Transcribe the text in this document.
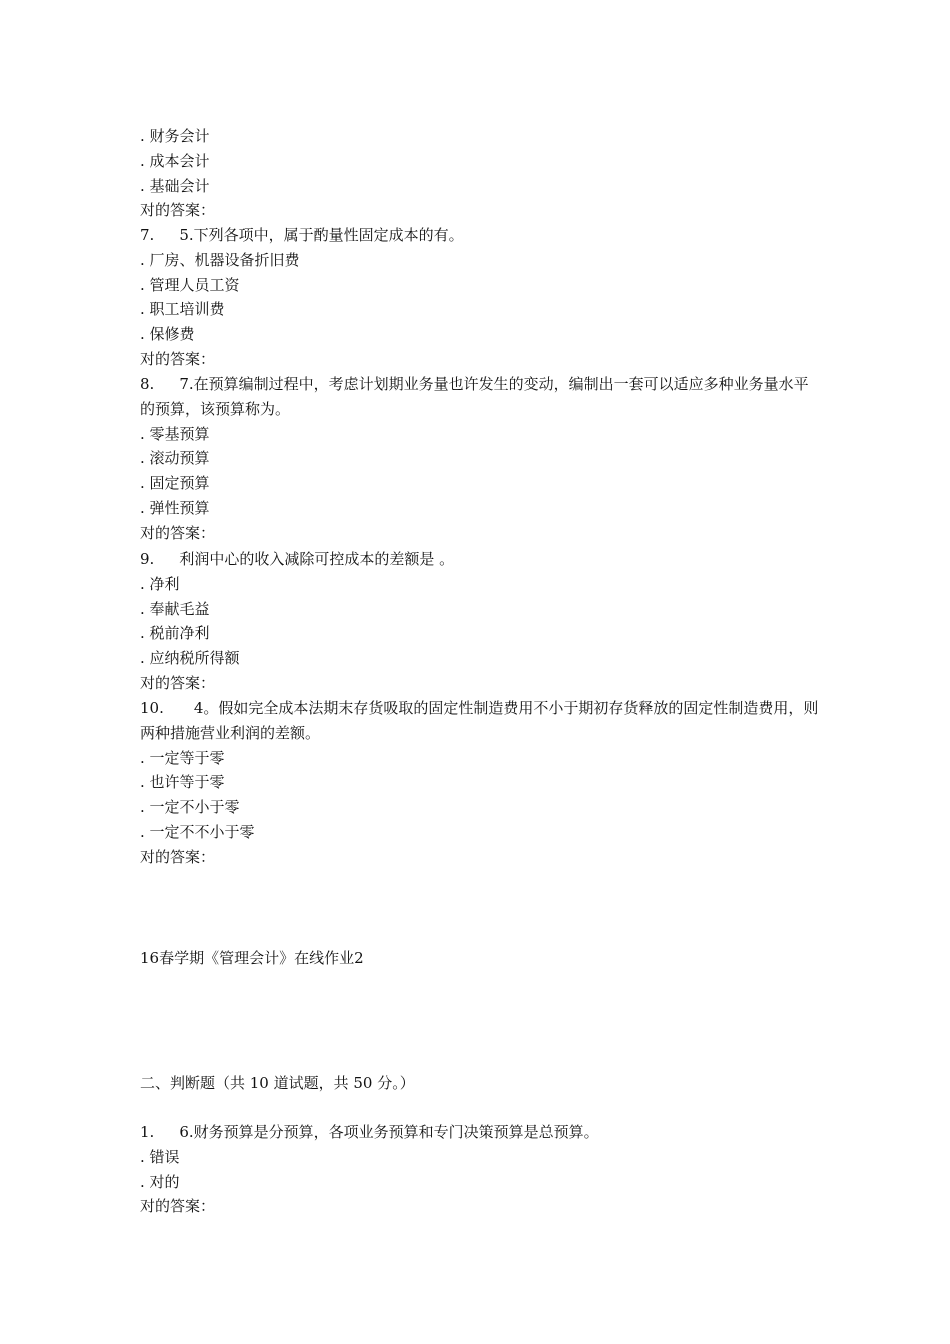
. 财务会计
. 成本会计
. 基础会计
对的答案：
7. 5.下列各项中，属于酌量性固定成本的有。
. 厂房、机器设备折旧费
. 管理人员工资
. 职工培训费
. 保修费
对的答案：
8. 7.在预算编制过程中，考虑计划期业务量也许发生的变动，编制出一套可以适应多种业务量水平的预算，该预算称为。
. 零基预算
. 滚动预算
. 固定预算
. 弹性预算
对的答案：
9. 利润中心的收入减除可控成本的差额是 。
. 净利
. 奉献毛益
. 税前净利
. 应纳税所得额
对的答案：
10. 4。假如完全成本法期末存货吸取的固定性制造费用不小于期初存货释放的固定性制造费用，则两种措施营业利润的差额。
. 一定等于零
. 也许等于零
. 一定不小于零
. 一定不不小于零
对的答案：
16春学期《管理会计》在线作业2
二、判断题（共 10 道试题，共 50 分。）
1. 6.财务预算是分预算，各项业务预算和专门决策预算是总预算。
. 错误
. 对的
对的答案：
